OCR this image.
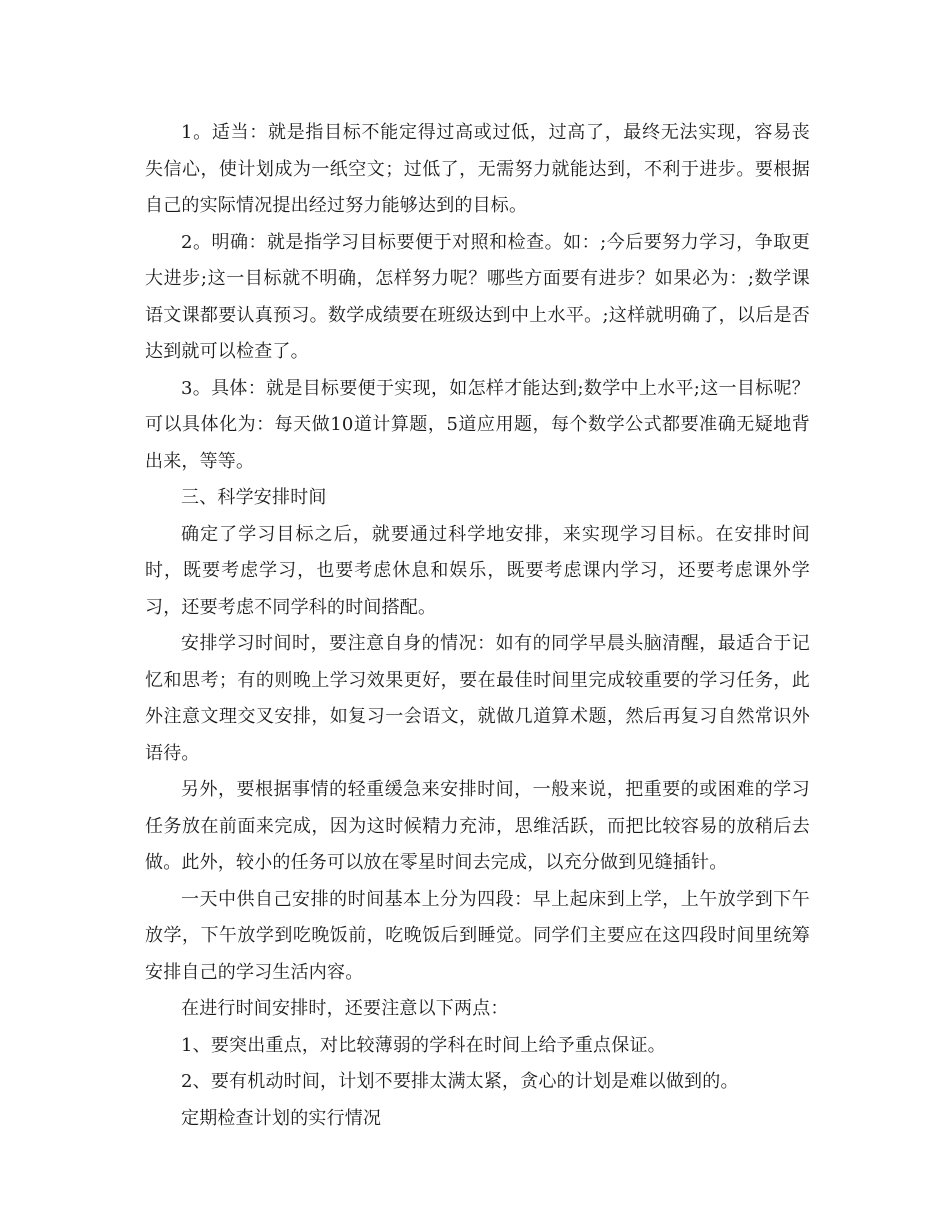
1。适当：就是指目标不能定得过高或过低，过高了，最终无法实现，容易丧失信心，使计划成为一纸空文；过低了，无需努力就能达到，不利于进步。要根据自己的实际情况提出经过努力能够达到的目标。

2。明确：就是指学习目标要便于对照和检查。如：;今后要努力学习，争取更大进步;这一目标就不明确，怎样努力呢？哪些方面要有进步？如果必为：;数学课语文课都要认真预习。数学成绩要在班级达到中上水平。;这样就明确了，以后是否达到就可以检查了。

3。具体：就是目标要便于实现，如怎样才能达到;数学中上水平;这一目标呢？可以具体化为：每天做10道计算题，5道应用题，每个数学公式都要准确无疑地背出来，等等。

三、科学安排时间

确定了学习目标之后，就要通过科学地安排，来实现学习目标。在安排时间时，既要考虑学习，也要考虑休息和娱乐，既要考虑课内学习，还要考虑课外学习，还要考虑不同学科的时间搭配。

安排学习时间时，要注意自身的情况：如有的同学早晨头脑清醒，最适合于记忆和思考；有的则晚上学习效果更好，要在最佳时间里完成较重要的学习任务，此外注意文理交叉安排，如复习一会语文，就做几道算术题，然后再复习自然常识外语待。

另外，要根据事情的轻重缓急来安排时间，一般来说，把重要的或困难的学习任务放在前面来完成，因为这时候精力充沛，思维活跃，而把比较容易的放稍后去做。此外，较小的任务可以放在零星时间去完成，以充分做到见缝插针。

一天中供自己安排的时间基本上分为四段：早上起床到上学，上午放学到下午放学，下午放学到吃晚饭前，吃晚饭后到睡觉。同学们主要应在这四段时间里统筹安排自己的学习生活内容。

在进行时间安排时，还要注意以下两点：

1、要突出重点，对比较薄弱的学科在时间上给予重点保证。

2、要有机动时间，计划不要排太满太紧，贪心的计划是难以做到的。

定期检查计划的实行情况
